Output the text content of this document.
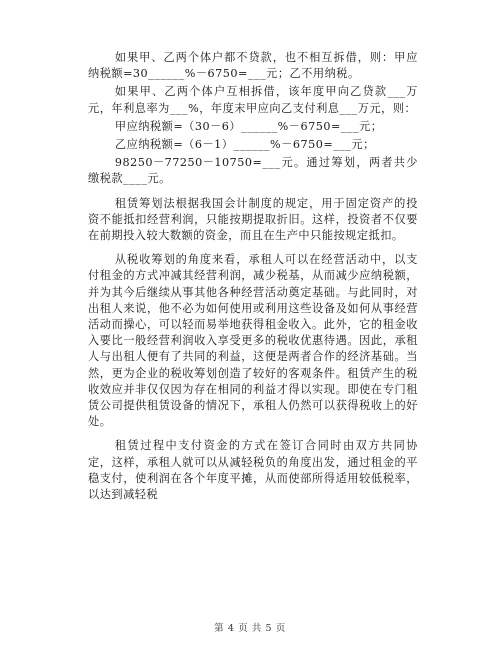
如果甲、乙两个体户都不贷款，也不相互拆借，则：甲应纳税额=30______%－6750=___元；乙不用纳税。

如果甲、乙两个体户互相拆借，该年度甲向乙贷款___万元，年利息率为___%，年度末甲应向乙支付利息___万元，则：

甲应纳税额=（30－6）______%－6750=___元；

乙应纳税额=（6－1）______%－6750=___元；

98250－77250－10750=___元。通过筹划，两者共少缴税款____元。

租赁筹划法根据我国会计制度的规定，用于固定资产的投资不能抵扣经营利润，只能按期提取折旧。这样，投资者不仅要在前期投入较大数额的资金，而且在生产中只能按规定抵扣。

从税收筹划的角度来看，承租人可以在经营活动中，以支付租金的方式冲减其经营利润，减少税基，从而减少应纳税额，并为其今后继续从事其他各种经营活动奠定基础。与此同时，对出租人来说，他不必为如何使用或利用这些设备及如何从事经营活动而操心，可以轻而易举地获得租金收入。此外，它的租金收入要比一般经营利润收入享受更多的税收优惠待遇。因此，承租人与出租人便有了共同的利益，这便是两者合作的经济基础。当然，更为企业的税收筹划创造了较好的客观条件。租赁产生的税收效应并非仅仅因为存在相同的利益才得以实现。即使在专门租赁公司提供租赁设备的情况下，承租人仍然可以获得税收上的好处。

租赁过程中支付资金的方式在签订合同时由双方共同协定，这样，承租人就可以从减轻税负的角度出发，通过租金的平稳支付，使利润在各个年度平摊，从而使部所得适用较低税率，以达到减轻税

第 4 页 共 5 页
